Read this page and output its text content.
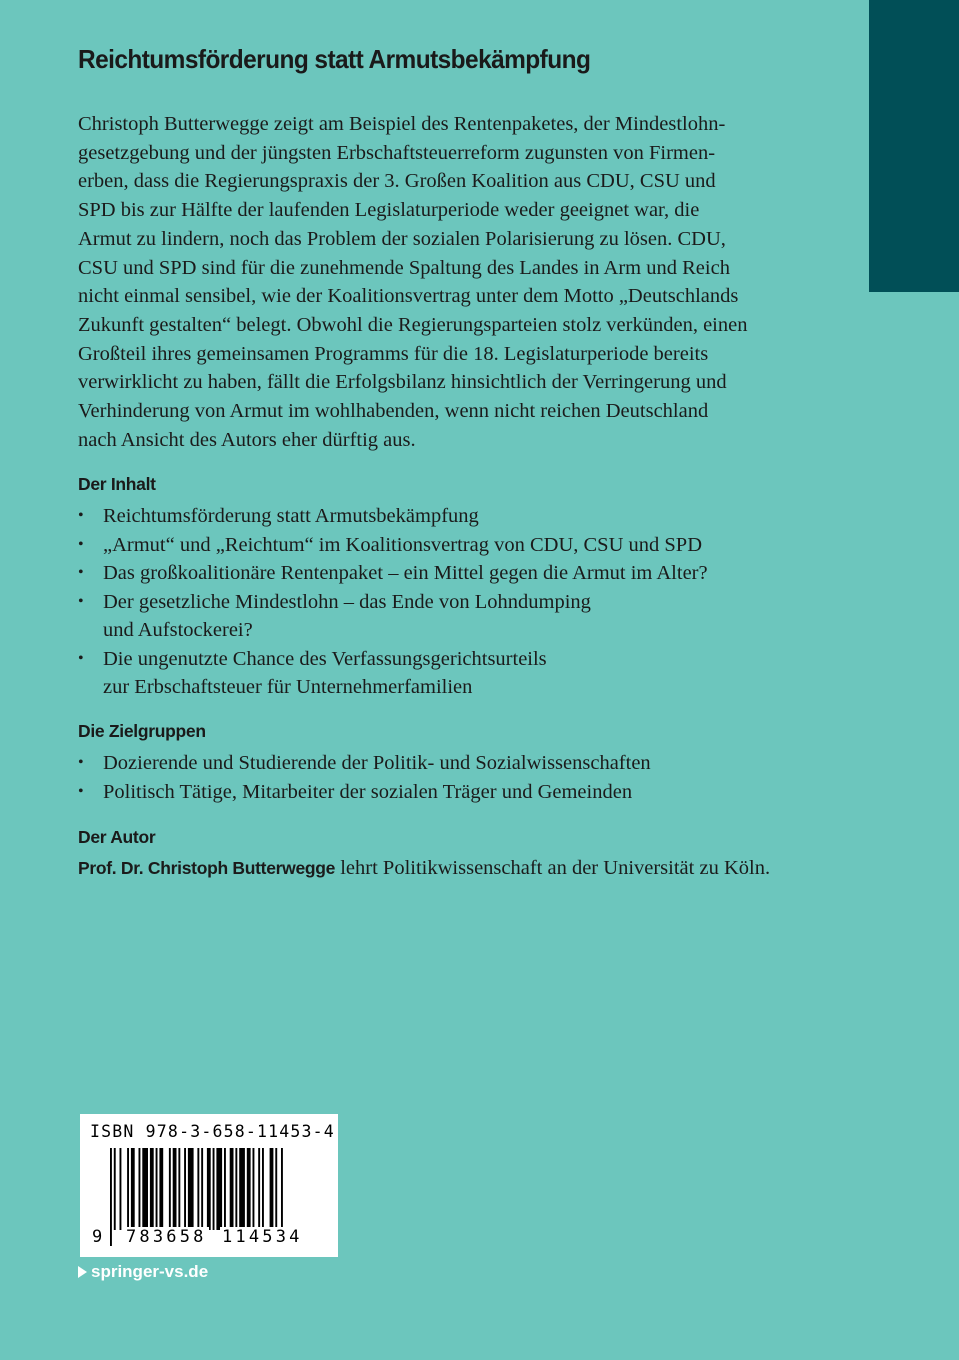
Reichtumsförderung statt Armutsbekämpfung

Christoph Butterwegge zeigt am Beispiel des Rentenpaketes, der Mindestlohn-
gesetzgebung und der jüngsten Erbschaftsteuerreform zugunsten von Firmen-
erben, dass die Regierungspraxis der 3. Großen Koalition aus CDU, CSU und
SPD bis zur Hälfte der laufenden Legislaturperiode weder geeignet war, die
Armut zu lindern, noch das Problem der sozialen Polarisierung zu lösen. CDU,
CSU und SPD sind für die zunehmende Spaltung des Landes in Arm und Reich
nicht einmal sensibel, wie der Koalitionsvertrag unter dem Motto „Deutschlands
Zukunft gestalten“ belegt. Obwohl die Regierungsparteien stolz verkünden, einen
Großteil ihres gemeinsamen Programms für die 18. Legislaturperiode bereits
verwirklicht zu haben, fällt die Erfolgsbilanz hinsichtlich der Verringerung und
Verhinderung von Armut im wohlhabenden, wenn nicht reichen Deutschland
nach Ansicht des Autors eher dürftig aus.

Der Inhalt
• Reichtumsförderung statt Armutsbekämpfung
• „Armut“ und „Reichtum“ im Koalitionsvertrag von CDU, CSU und SPD
• Das großkoalitionäre Rentenpaket – ein Mittel gegen die Armut im Alter?
• Der gesetzliche Mindestlohn – das Ende von Lohndumping
und Aufstockerei?
• Die ungenutzte Chance des Verfassungsgerichtsurteils
zur Erbschaftsteuer für Unternehmerfamilien
Die Zielgruppen
• Dozierende und Studierende der Politik- und Sozialwissenschaften
• Politisch Tätige, Mitarbeiter der sozialen Träger und Gemeinden
Der Autor

Prof. Dr. Christoph Butterwegge lehrt Politikwissenschaft an der Universität zu Köln.

ISBN 978-3-658-11453-4

9 783658 114534

springer-vs.de
